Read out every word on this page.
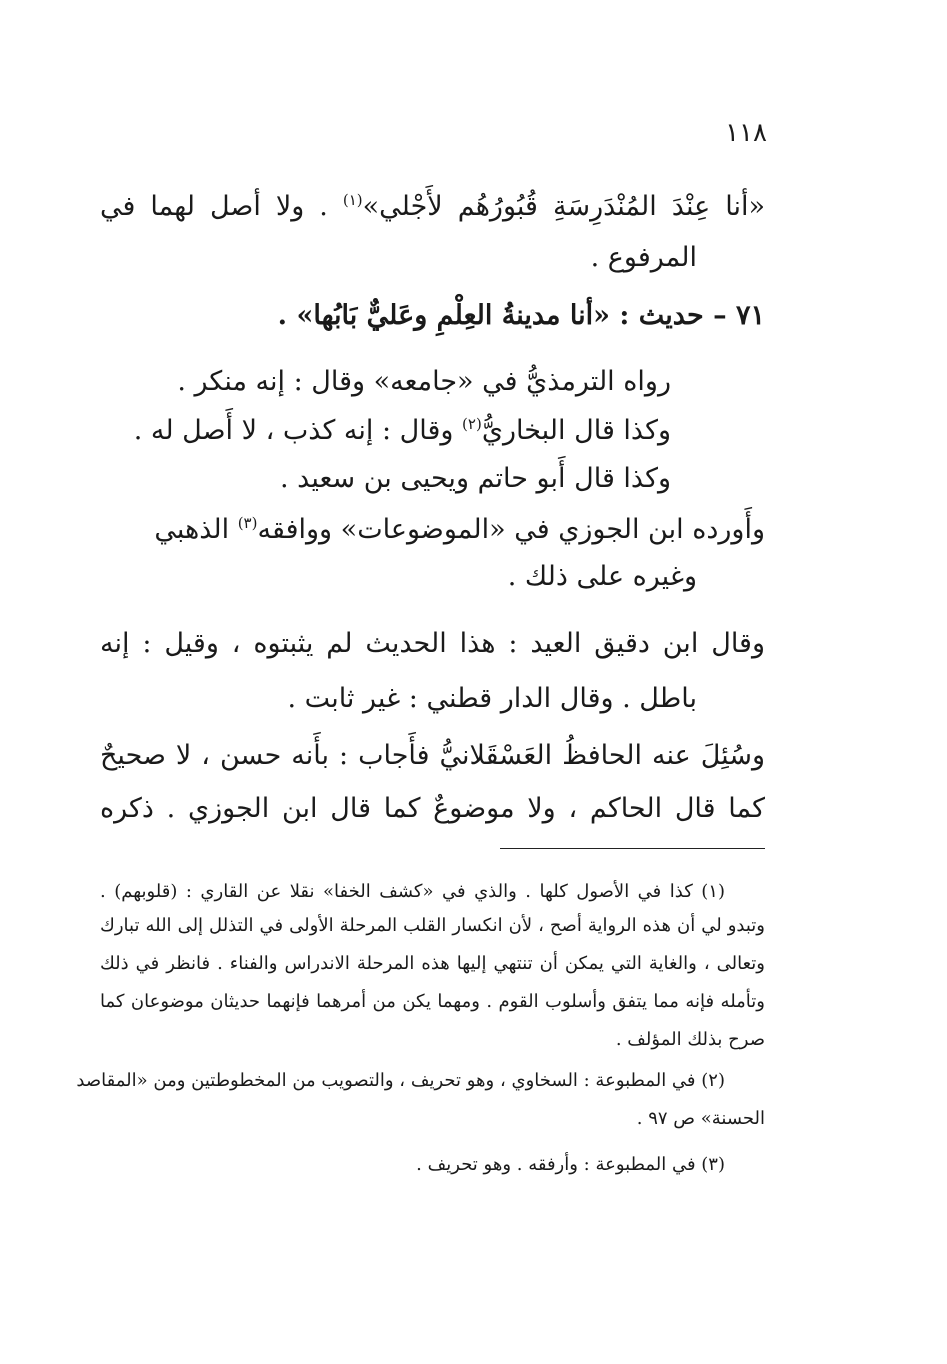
١١٨
«أنا عِنْدَ المُنْدَرِسَةِ قُبُورُهُم لأَجْلي»$^{(١)}$ . ولا أصل لهما في
المرفوع .
٧١ – حديث : «أنا مدينةُ العِلْمِ وعَليٌّ بَابُها» .
رواه الترمذيُّ في «جامعه» وقال : إنه منكر .
وكذا قال البخاريُّ$^{(٢)}$ وقال : إنه كذب ، لا أَصل له .
وكذا قال أَبو حاتم ويحيى بن سعيد .
وأَورده ابن الجوزي في «الموضوعات» ووافقه$^{(٣)}$ الذهبي
وغيره على ذلك .
وقال ابن دقيق العيد : هذا الحديث لم يثبتوه ، وقيل : إنه
باطل . وقال الدار قطني : غير ثابت .
وسُئِلَ عنه الحافظُ العَسْقَلانيُّ فأَجاب : بأَنه حسن ، لا صحيحٌ
كما قال الحاكم ، ولا موضوعٌ كما قال ابن الجوزي . ذكره
(١) كذا في الأصول كلها . والذي في «كشف الخفا» نقلا عن القاري : (قلوبهم) .
وتبدو لي أن هذه الرواية أصح ، لأن انكسار القلب المرحلة الأولى في التذلل إلى الله تبارك
وتعالى ، والغاية التي يمكن أن تنتهي إليها هذه المرحلة الاندراس والفناء . فانظر في ذلك
وتأمله فإنه مما يتفق وأسلوب القوم . ومهما يكن من أمرهما فإنهما حديثان موضوعان كما
صرح بذلك المؤلف .
(٢) في المطبوعة : السخاوي ، وهو تحريف ، والتصويب من المخطوطتين ومن «المقاصد
الحسنة» ص ٩٧ .
(٣) في المطبوعة : وأرفقه . وهو تحريف .
